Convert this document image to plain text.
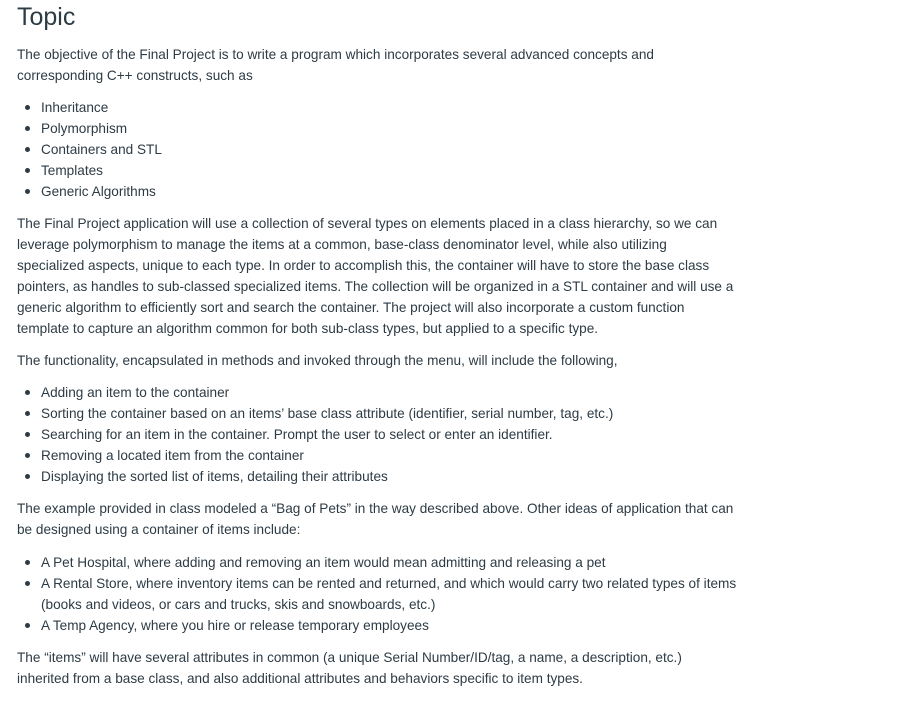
Topic

The objective of the Final Project is to write a program which incorporates several advanced concepts and corresponding C++ constructs, such as

Inheritance
Polymorphism
Containers and STL
Templates
Generic Algorithms

The Final Project application will use a collection of several types on elements placed in a class hierarchy, so we can leverage polymorphism to manage the items at a common, base-class denominator level, while also utilizing specialized aspects, unique to each type. In order to accomplish this, the container will have to store the base class pointers, as handles to sub-classed specialized items. The collection will be organized in a STL container and will use a generic algorithm to efficiently sort and search the container. The project will also incorporate a custom function template to capture an algorithm common for both sub-class types, but applied to a specific type.

The functionality, encapsulated in methods and invoked through the menu, will include the following,

Adding an item to the container
Sorting the container based on an items’ base class attribute (identifier, serial number, tag, etc.)
Searching for an item in the container. Prompt the user to select or enter an identifier.
Removing a located item from the container
Displaying the sorted list of items, detailing their attributes

The example provided in class modeled a “Bag of Pets” in the way described above. Other ideas of application that can be designed using a container of items include:

A Pet Hospital, where adding and removing an item would mean admitting and releasing a pet
A Rental Store, where inventory items can be rented and returned, and which would carry two related types of items (books and videos, or cars and trucks, skis and snowboards, etc.)
A Temp Agency, where you hire or release temporary employees

The “items” will have several attributes in common (a unique Serial Number/ID/tag, a name, a description, etc.) inherited from a base class, and also additional attributes and behaviors specific to item types.
